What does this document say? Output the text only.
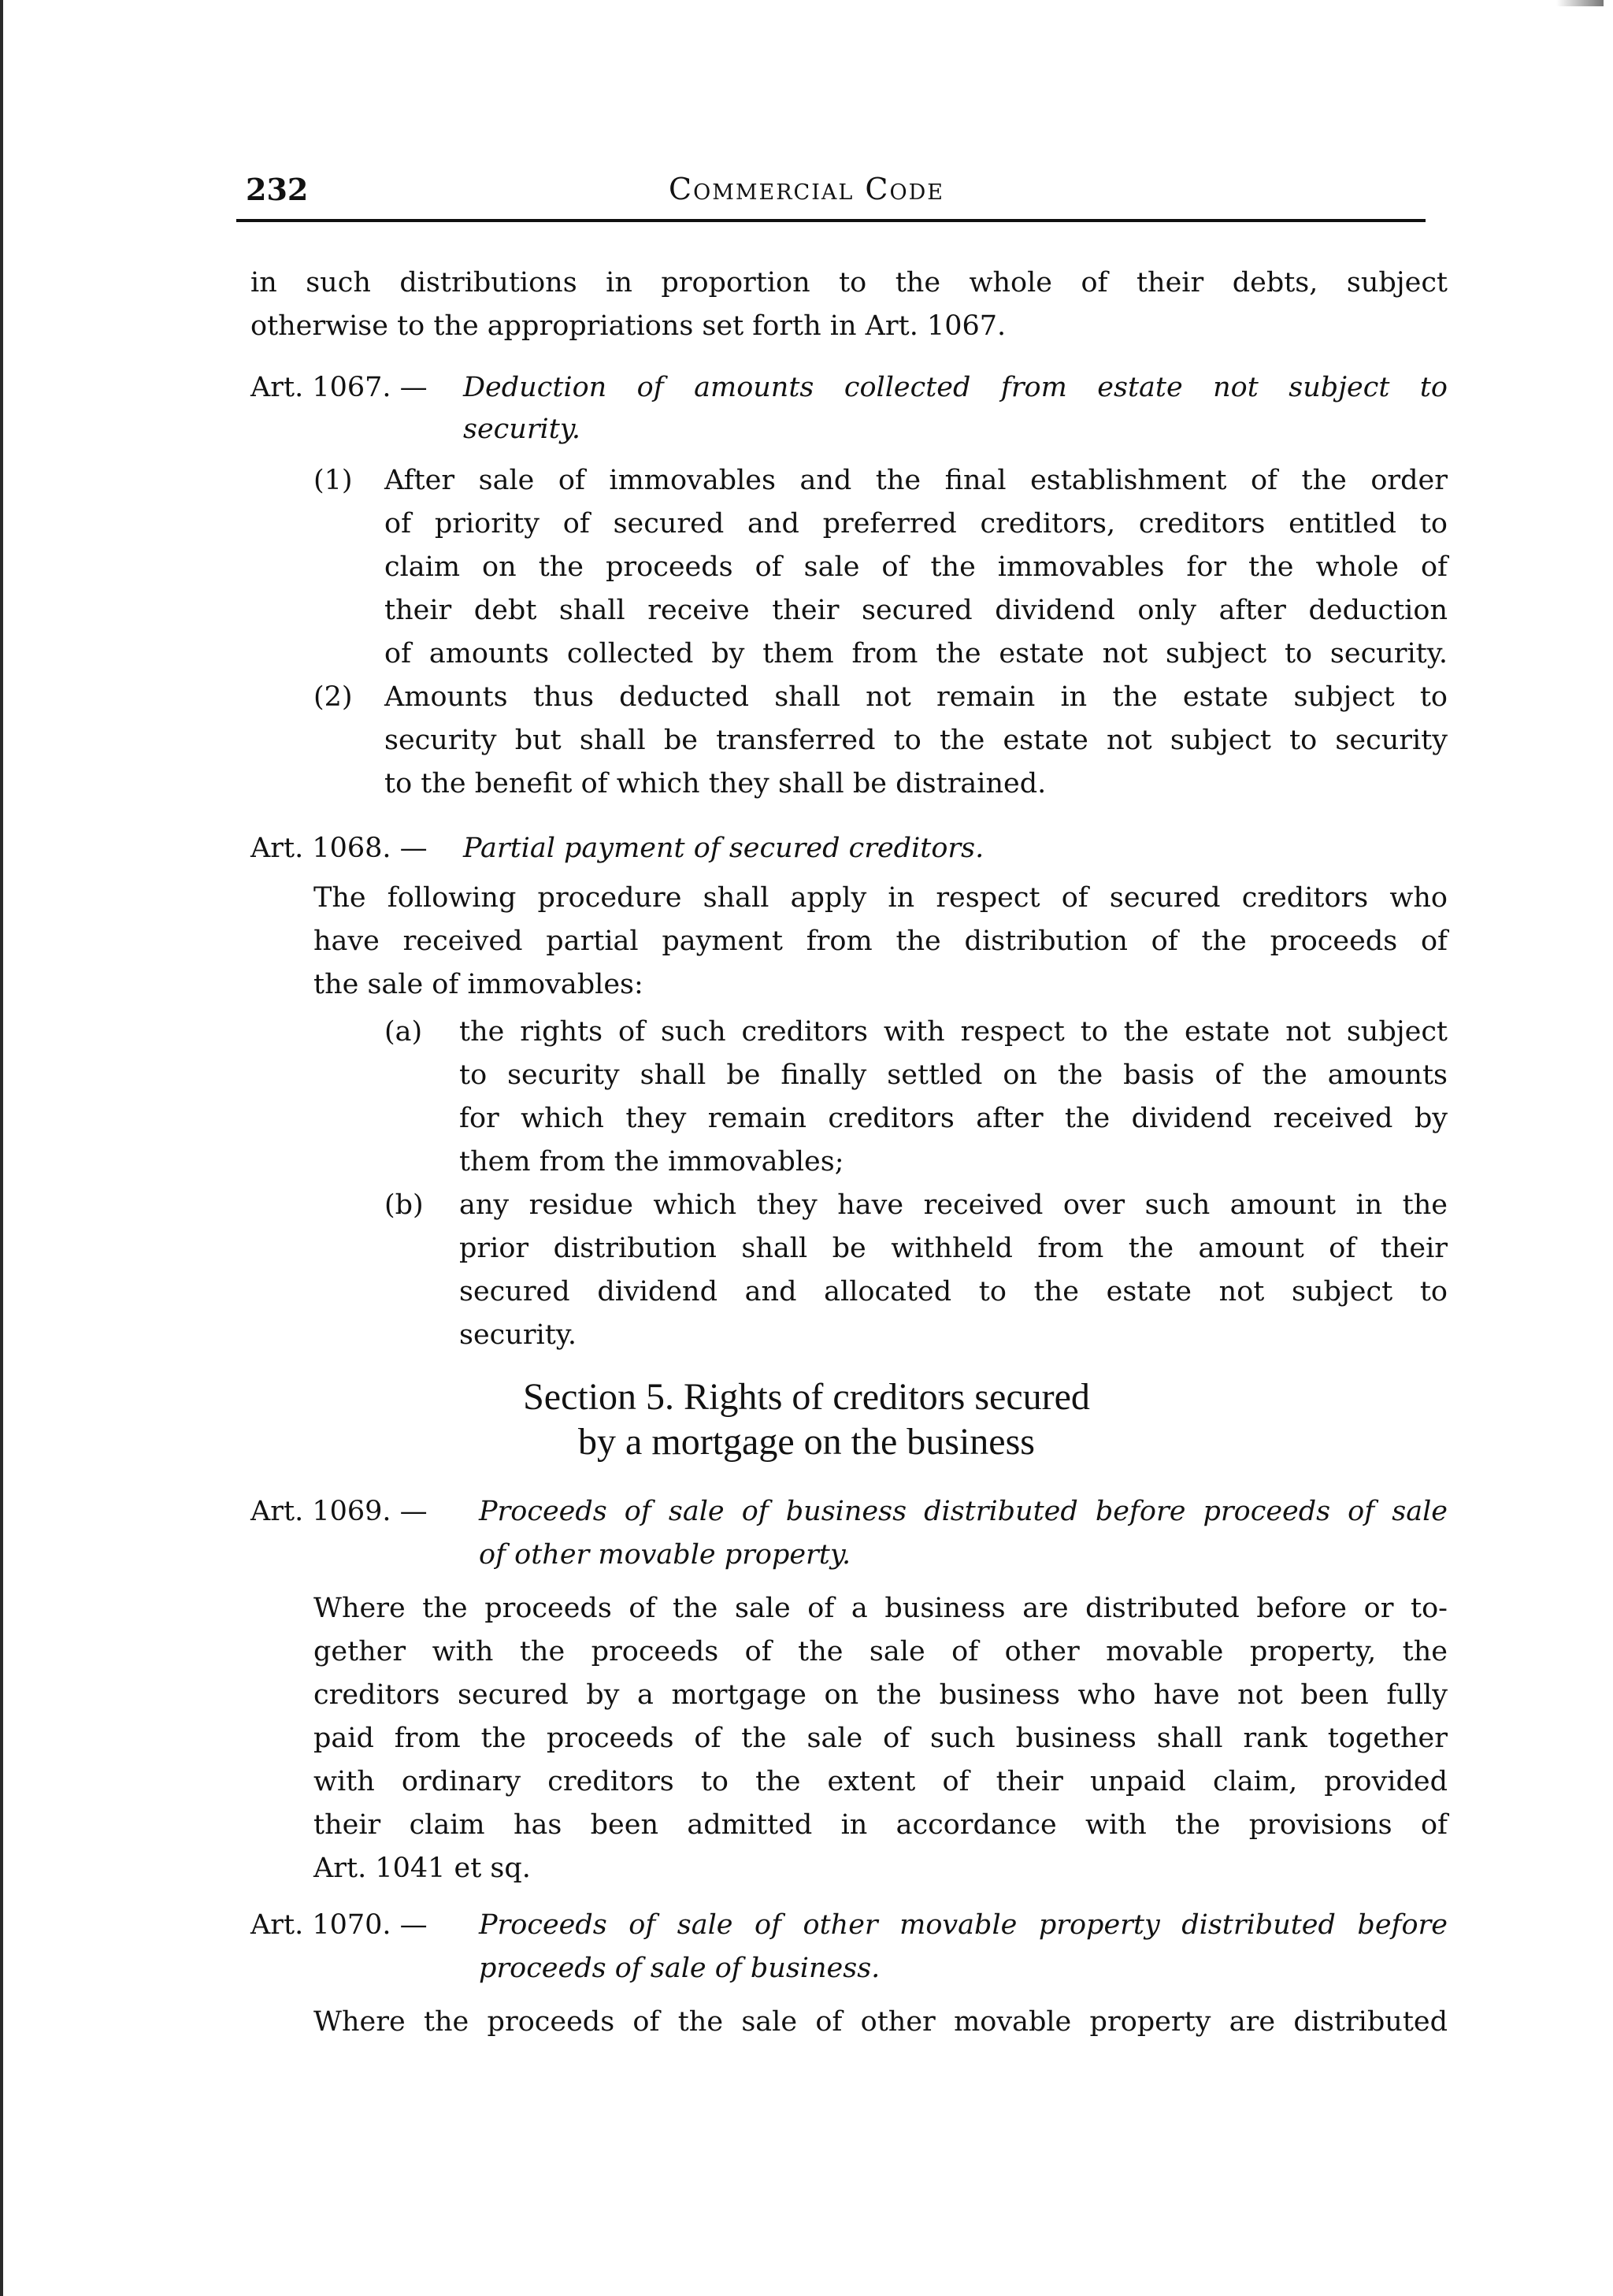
232	Commercial Code
in such distributions in proportion to the whole of their debts, subject
otherwise to the appropriations set forth in Art. 1067.
Art. 1067. — Deduction of amounts collected from estate not subject to
security.
(1) After sale of immovables and the final establishment of the order
of priority of secured and preferred creditors, creditors entitled to
claim on the proceeds of sale of the immovables for the whole of
their debt shall receive their secured dividend only after deduction
of amounts collected by them from the estate not subject to security.
(2) Amounts thus deducted shall not remain in the estate subject to
security but shall be transferred to the estate not subject to security
to the benefit of which they shall be distrained.
Art. 1068. — Partial payment of secured creditors.
The following procedure shall apply in respect of secured creditors who
have received partial payment from the distribution of the proceeds of
the sale of immovables:
(a) the rights of such creditors with respect to the estate not subject
to security shall be finally settled on the basis of the amounts
for which they remain creditors after the dividend received by
them from the immovables;
(b) any residue which they have received over such amount in the
prior distribution shall be withheld from the amount of their
secured dividend and allocated to the estate not subject to
security.
Section 5. Rights of creditors secured
by a mortgage on the business
Art. 1069. — Proceeds of sale of business distributed before proceeds of sale
of other movable property.
Where the proceeds of the sale of a business are distributed before or to-
gether with the proceeds of the sale of other movable property, the
creditors secured by a mortgage on the business who have not been fully
paid from the proceeds of the sale of such business shall rank together
with ordinary creditors to the extent of their unpaid claim, provided
their claim has been admitted in accordance with the provisions of
Art. 1041 et sq.
Art. 1070. — Proceeds of sale of other movable property distributed before
proceeds of sale of business.
Where the proceeds of the sale of other movable property are distributed
